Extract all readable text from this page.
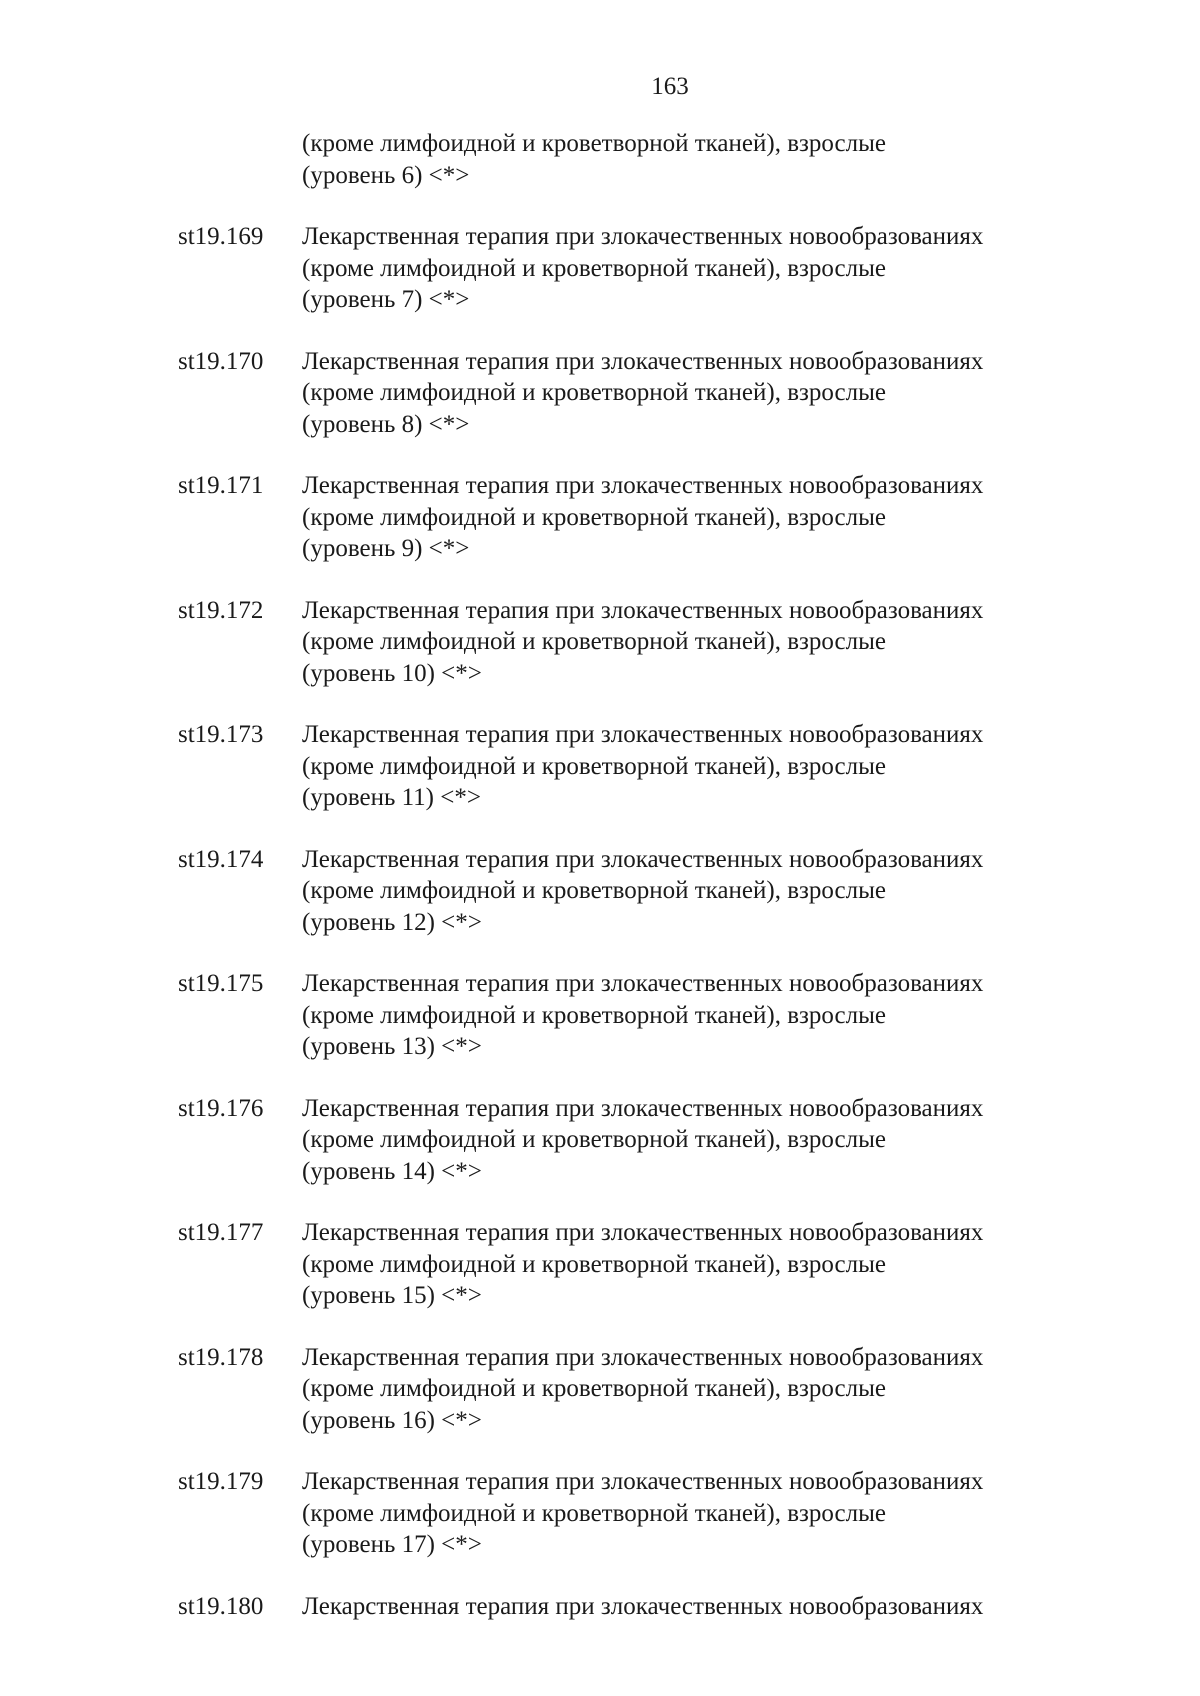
163
(кроме лимфоидной и кроветворной тканей), взрослые
(уровень 6) <*>
st19.169	Лекарственная терапия при злокачественных новообразованиях
(кроме лимфоидной и кроветворной тканей), взрослые
(уровень 7) <*>
st19.170	Лекарственная терапия при злокачественных новообразованиях
(кроме лимфоидной и кроветворной тканей), взрослые
(уровень 8) <*>
st19.171	Лекарственная терапия при злокачественных новообразованиях
(кроме лимфоидной и кроветворной тканей), взрослые
(уровень 9) <*>
st19.172	Лекарственная терапия при злокачественных новообразованиях
(кроме лимфоидной и кроветворной тканей), взрослые
(уровень 10) <*>
st19.173	Лекарственная терапия при злокачественных новообразованиях
(кроме лимфоидной и кроветворной тканей), взрослые
(уровень 11) <*>
st19.174	Лекарственная терапия при злокачественных новообразованиях
(кроме лимфоидной и кроветворной тканей), взрослые
(уровень 12) <*>
st19.175	Лекарственная терапия при злокачественных новообразованиях
(кроме лимфоидной и кроветворной тканей), взрослые
(уровень 13) <*>
st19.176	Лекарственная терапия при злокачественных новообразованиях
(кроме лимфоидной и кроветворной тканей), взрослые
(уровень 14) <*>
st19.177	Лекарственная терапия при злокачественных новообразованиях
(кроме лимфоидной и кроветворной тканей), взрослые
(уровень 15) <*>
st19.178	Лекарственная терапия при злокачественных новообразованиях
(кроме лимфоидной и кроветворной тканей), взрослые
(уровень 16) <*>
st19.179	Лекарственная терапия при злокачественных новообразованиях
(кроме лимфоидной и кроветворной тканей), взрослые
(уровень 17) <*>
st19.180	Лекарственная терапия при злокачественных новообразованиях
